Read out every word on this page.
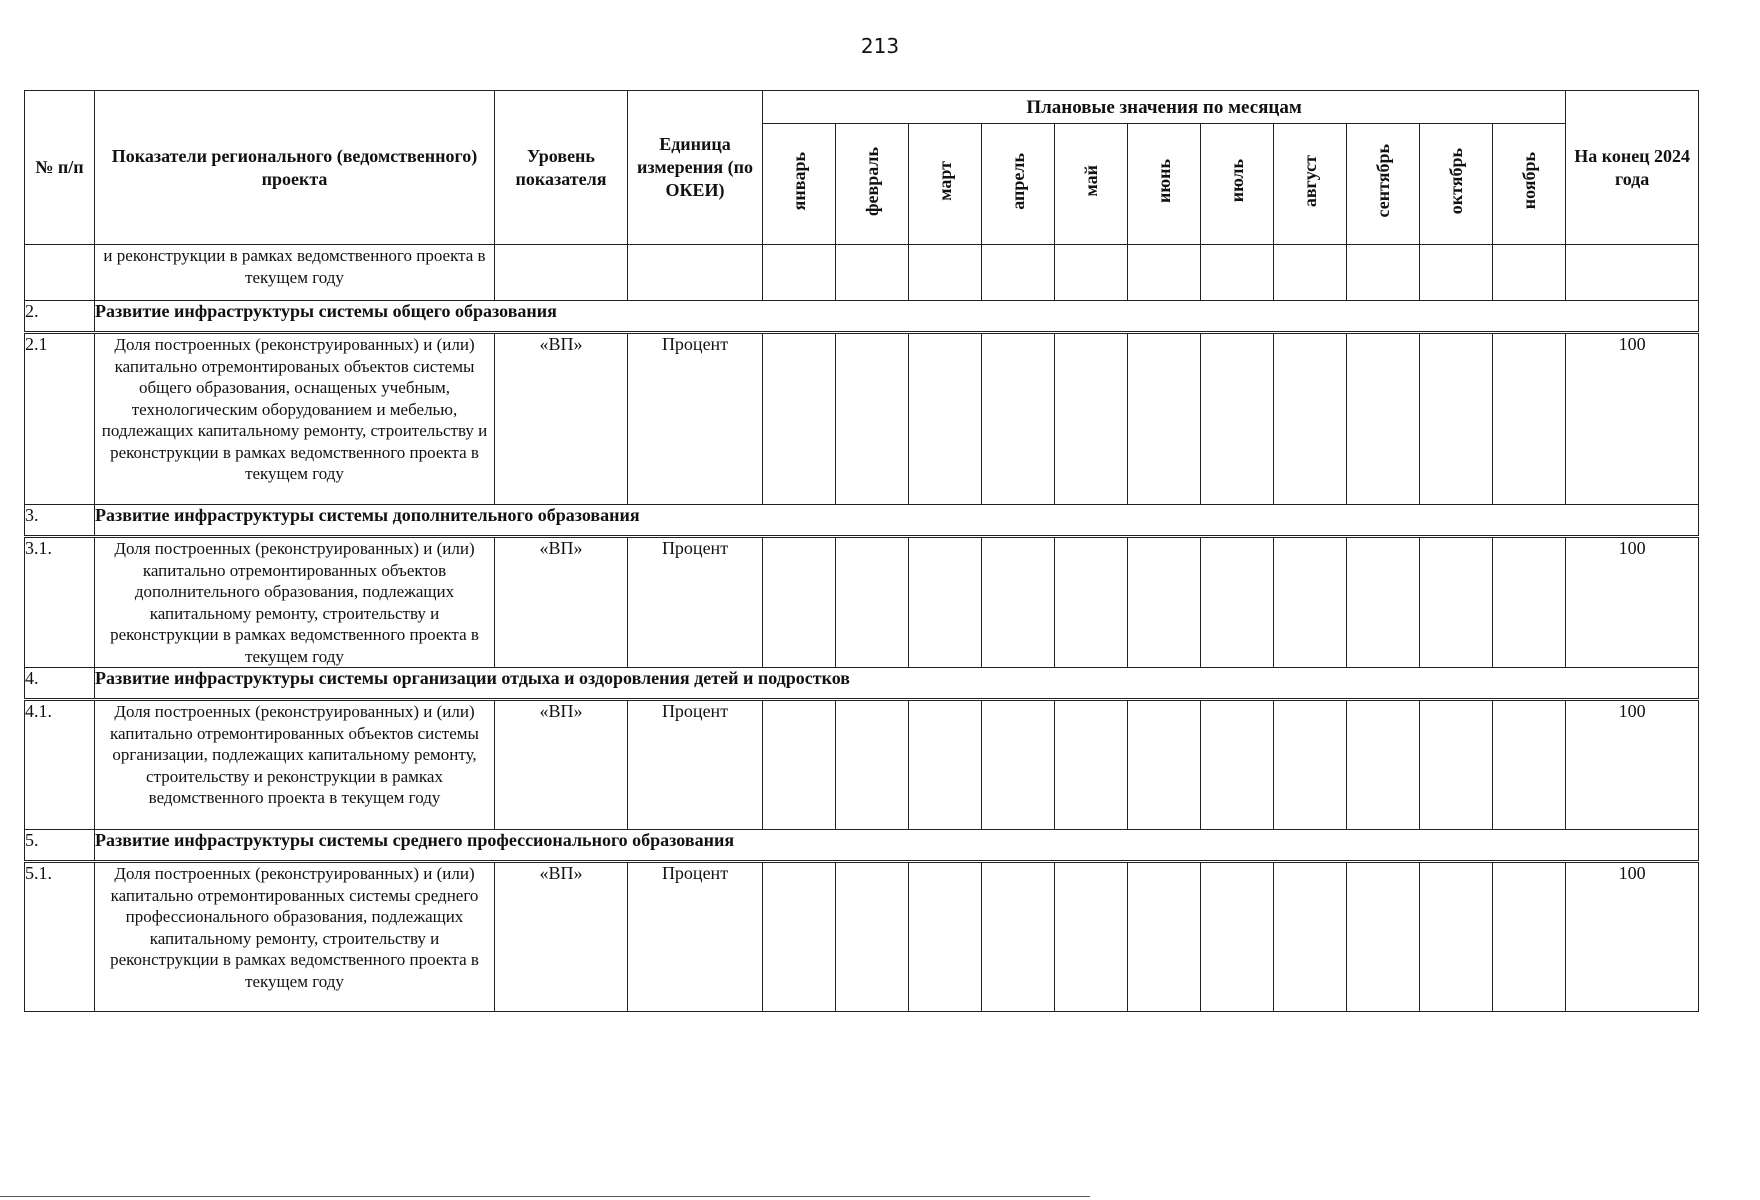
213
№ п/п	Показатели регионального (ведомственного) проекта	Уровень показателя	Единица измерения (по ОКЕИ)	Плановые значения по месяцам											На конец 2024 года
				январь	февраль	март	апрель	май	июнь	июль	август	сентябрь	октябрь	ноябрь	
	и реконструкции в рамках ведомственного проекта в текущем году														
2.	Развитие инфраструктуры системы общего образования														
2.1	Доля построенных (реконструированных) и (или) капитально отремонтированых объектов системы общего образования, оснащеных учебным, технологическим оборудованием и мебелью, подлежащих капитальному ремонту, строительству и реконструкции в рамках ведомственного проекта в текущем году	«ВП»	Процент												100
3.	Развитие инфраструктуры системы дополнительного образования														
3.1.	Доля построенных (реконструированных) и (или) капитально отремонтированных объектов дополнительного образования, подлежащих капитальному ремонту, строительству и реконструкции в рамках ведомственного проекта в текущем году	«ВП»	Процент												100
4.	Развитие инфраструктуры системы организации отдыха и оздоровления детей и подростков														
4.1.	Доля построенных (реконструированных) и (или) капитально отремонтированных объектов системы организации, подлежащих капитальному ремонту, строительству и реконструкции в рамках ведомственного проекта в текущем году	«ВП»	Процент												100
5.	Развитие инфраструктуры системы среднего профессионального образования														
5.1.	Доля построенных (реконструированных) и (или) капитально отремонтированных системы среднего профессионального образования, подлежащих капитальному ремонту, строительству и реконструкции в рамках ведомственного проекта в текущем году	«ВП»	Процент												100
